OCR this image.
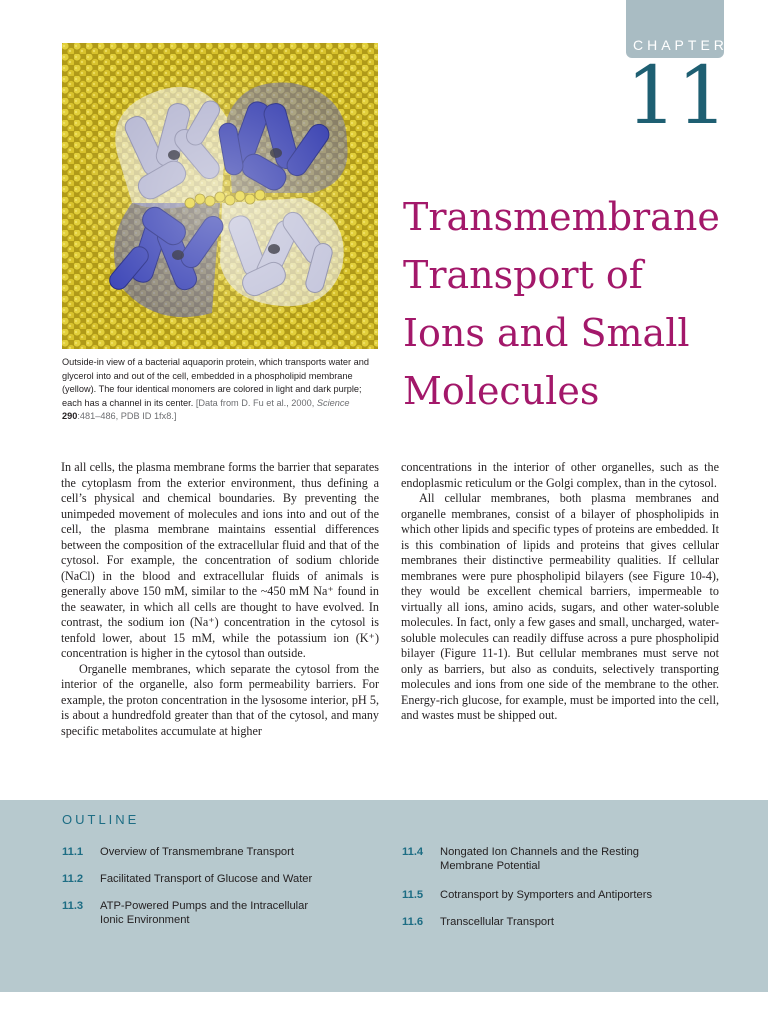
CHAPTER
11
Transmembrane
Transport of
Ions and Small
Molecules
Outside-in view of a bacterial aquaporin protein, which transports water and glycerol into and out of the cell, embedded in a phospholipid membrane (yellow). The four identical monomers are colored in light and dark purple; each has a channel in its center. [Data from D. Fu et al., 2000, Science 290:481–486, PDB ID 1fx8.]

In all cells, the plasma membrane forms the barrier that separates the cytoplasm from the exterior environment, thus defining a cell’s physical and chemical boundaries. By preventing the unimpeded movement of molecules and ions into and out of the cell, the plasma membrane maintains essential differences between the composition of the extracellular fluid and that of the cytosol. For example, the concentration of sodium chloride (NaCl) in the blood and extracellular fluids of animals is generally above 150 mM, similar to the ~450 mM Na⁺ found in the seawater, in which all cells are thought to have evolved. In contrast, the sodium ion (Na⁺) concentration in the cytosol is tenfold lower, about 15 mM, while the potassium ion (K⁺) concentration is higher in the cytosol than outside.

Organelle membranes, which separate the cytosol from the interior of the organelle, also form permeability barriers. For example, the proton concentration in the lysosome interior, pH 5, is about a hundredfold greater than that of the cytosol, and many specific metabolites accumulate at higher

concentrations in the interior of other organelles, such as the endoplasmic reticulum or the Golgi complex, than in the cytosol.

All cellular membranes, both plasma membranes and organelle membranes, consist of a bilayer of phospholipids in which other lipids and specific types of proteins are embedded. It is this combination of lipids and proteins that gives cellular membranes their distinctive permeability qualities. If cellular membranes were pure phospholipid bilayers (see Figure 10-4), they would be excellent chemical barriers, impermeable to virtually all ions, amino acids, sugars, and other water-soluble molecules. In fact, only a few gases and small, uncharged, water-soluble molecules can readily diffuse across a pure phospholipid bilayer (Figure 11-1). But cellular membranes must serve not only as barriers, but also as conduits, selectively transporting molecules and ions from one side of the membrane to the other. Energy-rich glucose, for example, must be imported into the cell, and wastes must be shipped out.

OUTLINE
11.1 Overview of Transmembrane Transport
11.2 Facilitated Transport of Glucose and Water
11.3 ATP-Powered Pumps and the Intracellular Ionic Environment
11.4 Nongated Ion Channels and the Resting Membrane Potential
11.5 Cotransport by Symporters and Antiporters
11.6 Transcellular Transport
